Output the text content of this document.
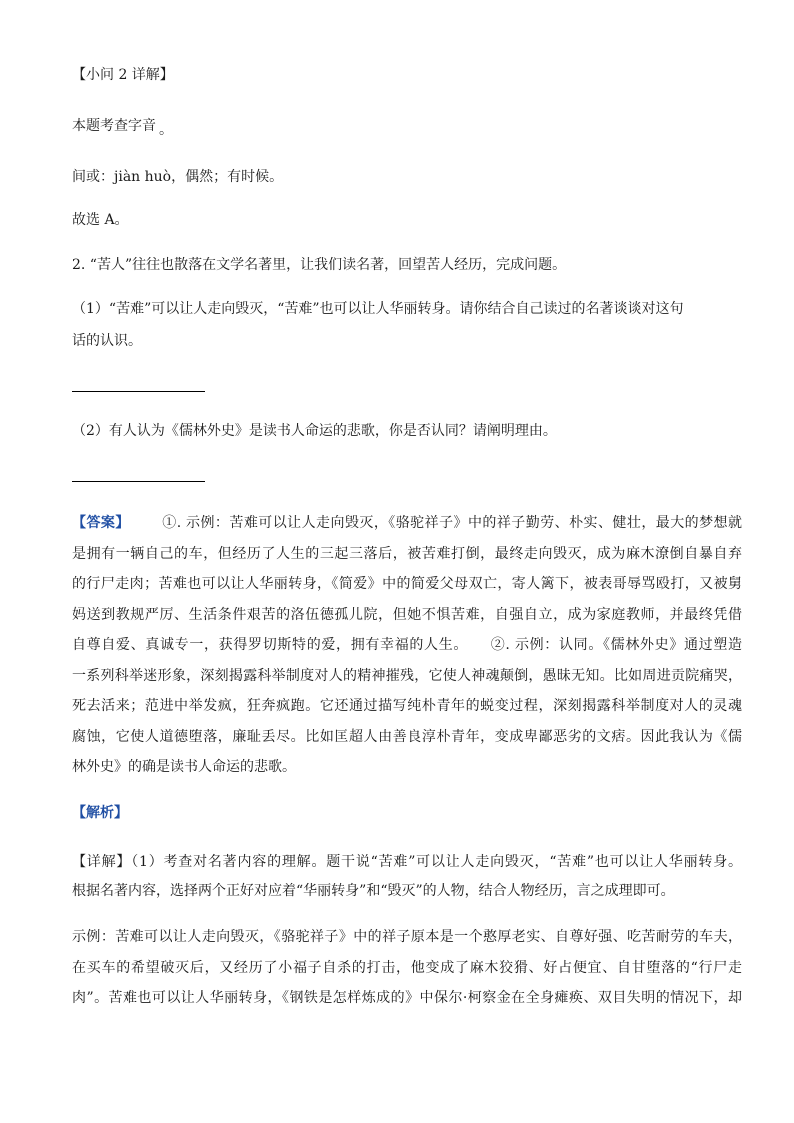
【小问 2 详解】
本题考查字音 。
间或：jiàn huò，偶然；有时候。
故选 A。
2. “苦人”往往也散落在文学名著里，让我们读名著，回望苦人经历，完成问题。
（1）“苦难”可以让人走向毁灭，“苦难”也可以让人华丽转身。请你结合自己读过的名著谈谈对这句
话的认识。
（2）有人认为《儒林外史》是读书人命运的悲歌，你是否认同？请阐明理由。
【答案】 ①. 示例：苦难可以让人走向毁灭，《骆驼祥子》中的祥子勤劳、朴实、健壮，最大的梦想就
是拥有一辆自己的车，但经历了人生的三起三落后，被苦难打倒，最终走向毁灭，成为麻木潦倒自暴自弃
的行尸走肉；苦难也可以让人华丽转身，《简爱》中的简爱父母双亡，寄人篱下，被表哥辱骂殴打，又被舅
妈送到教规严厉、生活条件艰苦的洛伍德孤儿院，但她不惧苦难，自强自立，成为家庭教师，并最终凭借
自尊自爱、真诚专一，获得罗切斯特的爱，拥有幸福的人生。 ②. 示例：认同。《儒林外史》通过塑造
一系列科举迷形象，深刻揭露科举制度对人的精神摧残，它使人神魂颠倒，愚昧无知。比如周进贡院痛哭，
死去活来；范进中举发疯，狂奔疯跑。它还通过描写纯朴青年的蜕变过程，深刻揭露科举制度对人的灵魂
腐蚀，它使人道德堕落，廉耻丢尽。比如匡超人由善良淳朴青年，变成卑鄙恶劣的文痞。因此我认为《儒
林外史》的确是读书人命运的悲歌。
【解析】
【详解】（1）考查对名著内容的理解。题干说“苦难”可以让人走向毁灭，“苦难”也可以让人华丽转身。
根据名著内容，选择两个正好对应着“华丽转身”和“毁灭”的人物，结合人物经历，言之成理即可。
示例：苦难可以让人走向毁灭，《骆驼祥子》中的祥子原本是一个憨厚老实、自尊好强、吃苦耐劳的车夫，
在买车的希望破灭后，又经历了小福子自杀的打击，他变成了麻木狡猾、好占便宜、自甘堕落的“行尸走
肉”。苦难也可以让人华丽转身，《钢铁是怎样炼成的》中保尔·柯察金在全身瘫痪、双目失明的情况下，却
